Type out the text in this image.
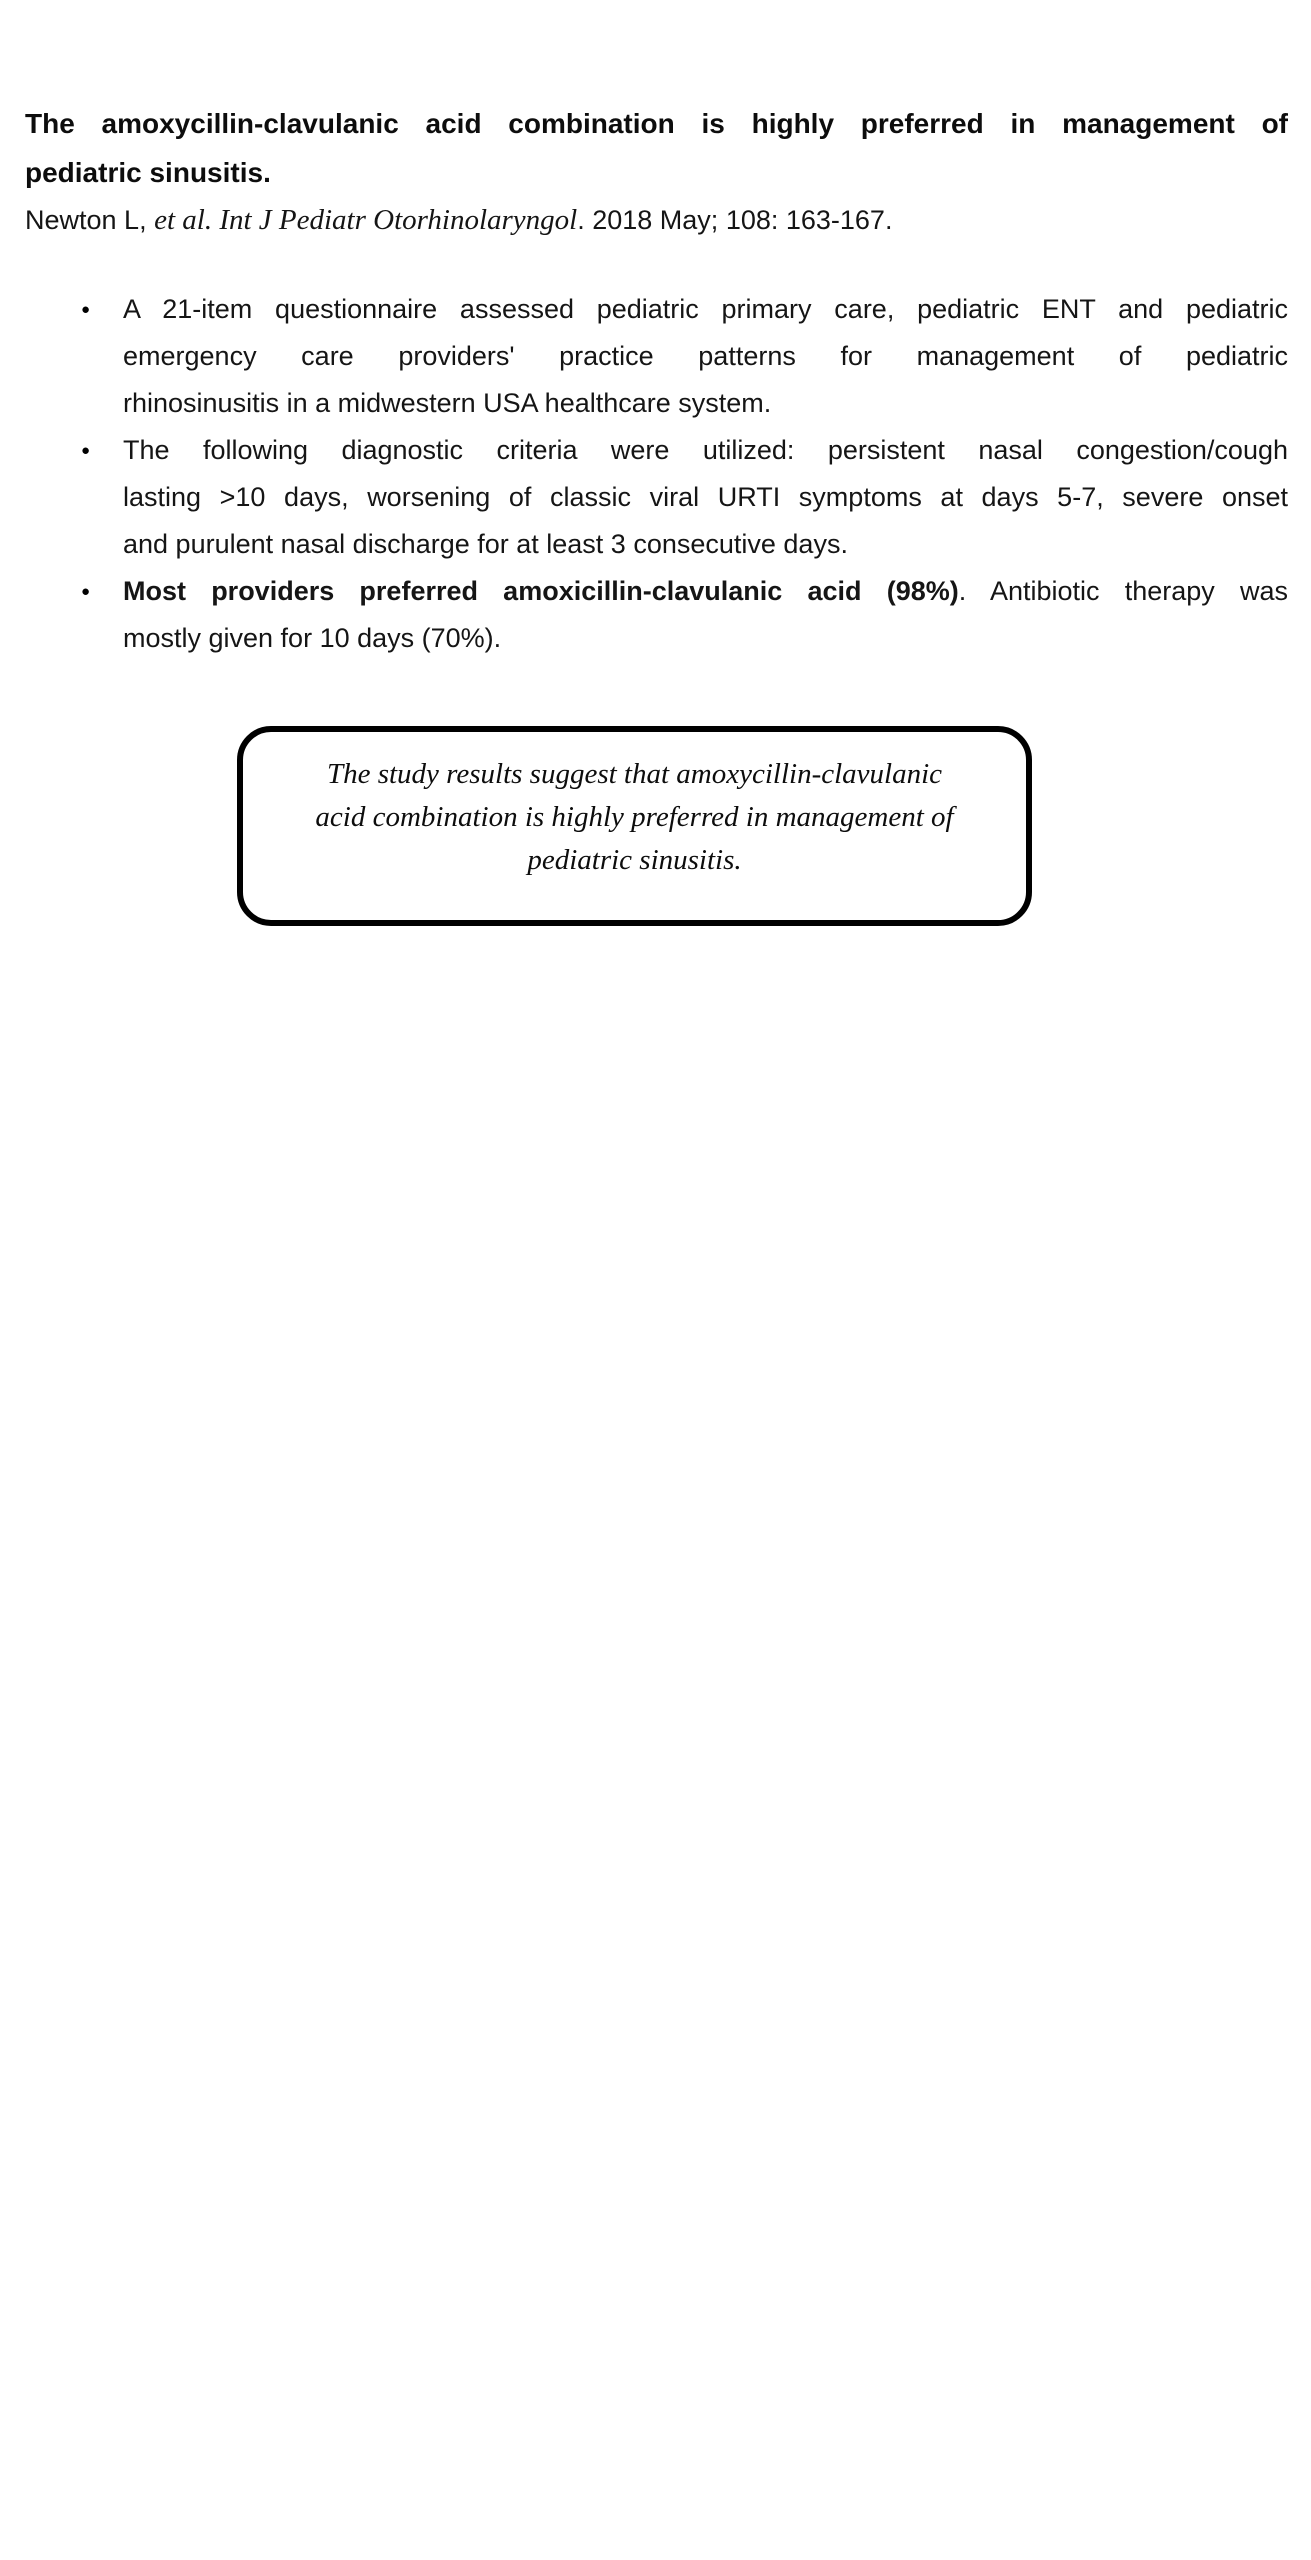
The amoxycillin-clavulanic acid combination is highly preferred in management of
pediatric sinusitis.
Newton L, et al. Int J Pediatr Otorhinolaryngol. 2018 May; 108: 163-167.
● A 21-item questionnaire assessed pediatric primary care, pediatric ENT and pediatric
emergency care providers' practice patterns for management of pediatric
rhinosinusitis in a midwestern USA healthcare system.
● The following diagnostic criteria were utilized: persistent nasal congestion/cough
lasting >10 days, worsening of classic viral URTI symptoms at days 5-7, severe onset
and purulent nasal discharge for at least 3 consecutive days.
● Most providers preferred amoxicillin-clavulanic acid (98%). Antibiotic therapy was
mostly given for 10 days (70%).
The study results suggest that amoxycillin-clavulanic
acid combination is highly preferred in management of
pediatric sinusitis.
